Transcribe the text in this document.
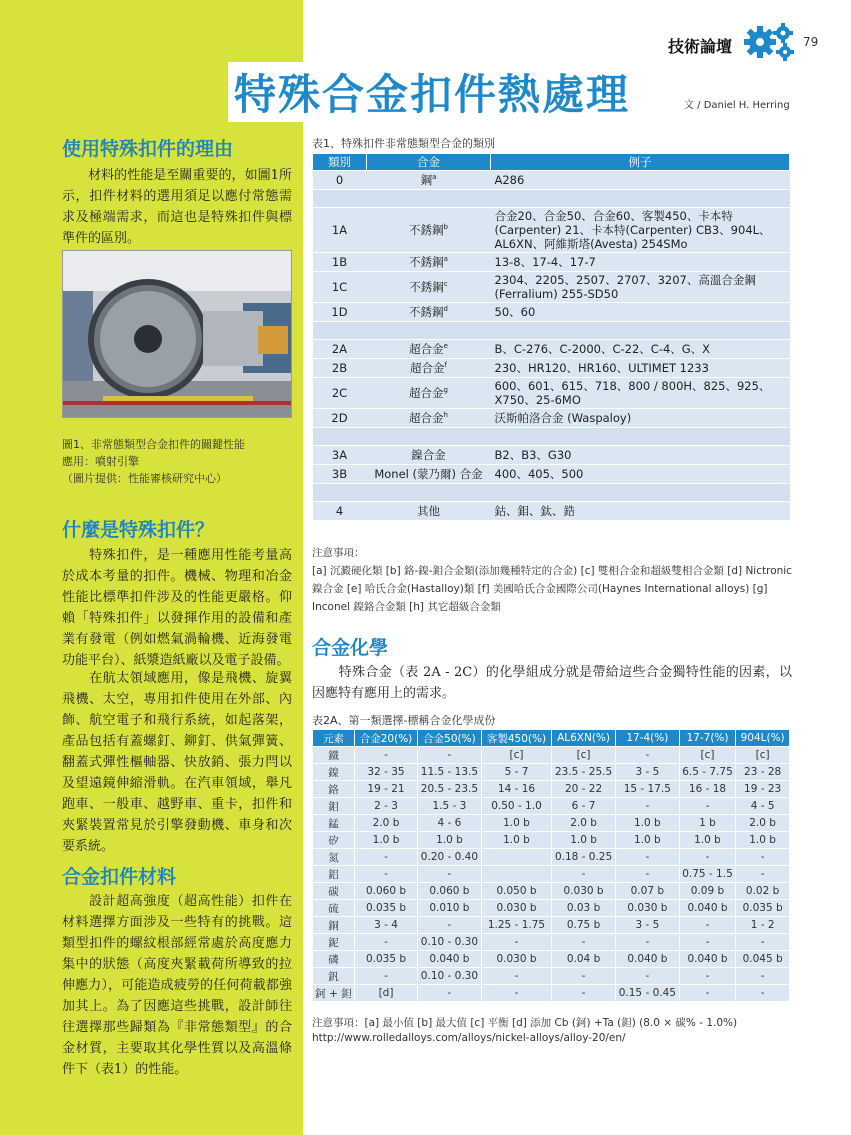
技術論壇	79
特殊合金扣件熱處理	文 / Daniel H. Herring
使用特殊扣件的理由
　　材料的性能是至關重要的，如圖1所示，扣件材料的選用須足以應付常態需求及極端需求，而這也是特殊扣件與標準件的區別。
圖1、非常態類型合金扣件的關鍵性能
應用：噴射引擎
（圖片提供：性能審核研究中心）
什麼是特殊扣件？
　　特殊扣件，是一種應用性能考量高於成本考量的扣件。機械、物理和冶金性能比標準扣件涉及的性能更嚴格。仰賴「特殊扣件」以發揮作用的設備和產業有發電（例如燃氣渦輪機、近海發電功能平台）、紙漿造紙廠以及電子設備。
　　在航太領域應用，像是飛機、旋翼飛機、太空，專用扣件使用在外部、內飾、航空電子和飛行系統，如起落架，產品包括有蓋螺釘、鉚釘、供氣彈簧、翻蓋式彈性樞軸器、快放銷、張力閂以及望遠鏡伸縮滑軌。在汽車領域，舉凡跑車、一般車、越野車、重卡，扣件和夾緊裝置常見於引擎發動機、車身和次要系統。
合金扣件材料
　　設計超高強度（超高性能）扣件在材料選擇方面涉及一些特有的挑戰。這類型扣件的螺紋根部經常處於高度應力集中的狀態（高度夾緊載荷所導致的拉伸應力），可能造成疲勞的任何荷載都強加其上。為了因應這些挑戰，設計師往往選擇那些歸類為『非常態類型』的合金材質，主要取其化學性質以及高溫條件下（表1）的性能。
表1、特殊扣件非常態類型合金的類別
類別	合金	例子
0	鋼$^a$	A286

1A	不銹鋼$^b$	合金20、合金50、合金60、客製450、卡本特(Carpenter) 21、卡本特(Carpenter) CB3、904L、AL6XN、阿維斯塔(Avesta) 254SMo
1B	不銹鋼$^a$	13-8、17-4、17-7
1C	不銹鋼$^c$	2304、2205、2507、2707、3207、高溫合金鋼(Ferralium) 255-SD50
1D	不銹鋼$^d$	50、60

2A	超合金$^e$	B、C-276、C-2000、C-22、C-4、G、X
2B	超合金$^f$	230、HR120、HR160、ULTIMET 1233
2C	超合金$^g$	600、601、615、718、800 / 800H、825、925、X750、25-6MO
2D	超合金$^h$	沃斯帕洛合金 (Waspaloy)

3A	鎳合金	B2、B3、G30
3B	Monel (蒙乃爾) 合金	400、405、500

4	其他	鈷、鉬、鈦、鋯
注意事項：
[a] 沉澱硬化類 [b] 鉻-鎳-鉬合金類(添加幾種特定的合金) [c] 雙相合金和超級雙相合金類 [d] Nictronic鎳合金 [e] 哈氏合金(Hastalloy)類 [f] 美國哈氏合金國際公司(Haynes International alloys) [g] Inconel 鎳鉻合金類 [h] 其它超級合金類
合金化學
　　特殊合金（表 2A - 2C）的化學組成分就是帶給這些合金獨特性能的因素，以因應特有應用上的需求。
表2A、第一類選擇-標稱合金化學成份
元素	合金20(%)	合金50(%)	客製450(%)	AL6XN(%)	17-4(%)	17-7(%)	904L(%)
鐵	-	-	[c]	[c]	-	[c]	[c]
鎳	32 - 35	11.5 - 13.5	5 - 7	23.5 - 25.5	3 - 5	6.5 - 7.75	23 - 28
鉻	19 - 21	20.5 - 23.5	14 - 16	20 - 22	15 - 17.5	16 - 18	19 - 23
鉬	2 - 3	1.5 - 3	0.50 - 1.0	6 - 7	-	-	4 - 5
錳	2.0 b	4 - 6	1.0 b	2.0 b	1.0 b	1 b	2.0 b
矽	1.0 b	1.0 b	1.0 b	1.0 b	1.0 b	1.0 b	1.0 b
氮	-	0.20 - 0.40		0.18 - 0.25	-	-	-
鋁	-	-		-	-	0.75 - 1.5	-
碳	0.060 b	0.060 b	0.050 b	0.030 b	0.07 b	0.09 b	0.02 b
硫	0.035 b	0.010 b	0.030 b	0.03 b	0.030 b	0.040 b	0.035 b
銅	3 - 4	-	1.25 - 1.75	0.75 b	3 - 5	-	1 - 2
鈮	-	0.10 - 0.30	-	-	-	-	-
磷	0.035 b	0.040 b	0.030 b	0.04 b	0.040 b	0.040 b	0.045 b
釩	-	0.10 - 0.30	-	-	-	-	-
鈳 + 鉭	[d]	-	-	-	0.15 - 0.45	-	-
注意事項：[a] 最小值 [b] 最大值 [c] 平衡 [d] 添加 Cb (鈳) +Ta (鉭) (8.0 × 碳% - 1.0%)
http://www.rolledalloys.com/alloys/nickel-alloys/alloy-20/en/
